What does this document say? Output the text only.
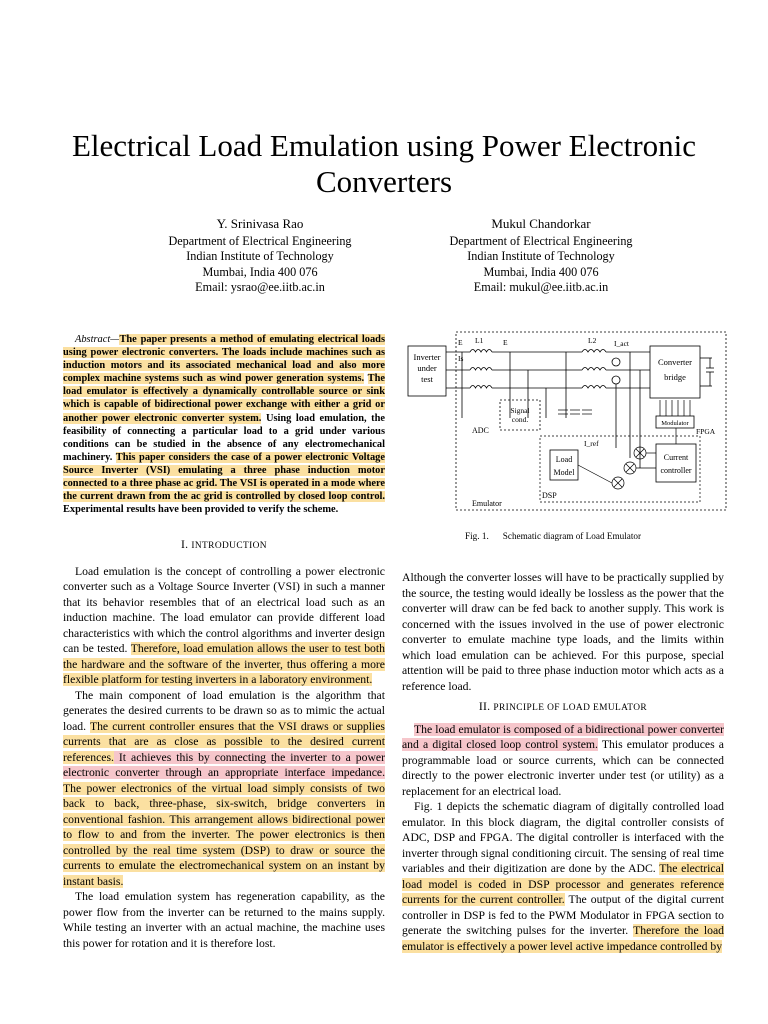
Electrical Load Emulation using Power Electronic Converters
Y. Srinivasa Rao
Department of Electrical Engineering
Indian Institute of Technology
Mumbai, India 400 076
Email: ysrao@ee.iitb.ac.in
Mukul Chandorkar
Department of Electrical Engineering
Indian Institute of Technology
Mumbai, India 400 076
Email: mukul@ee.iitb.ac.in

Abstract—The paper presents a method of emulating electrical loads using power electronic converters. The loads include machines such as induction motors and its associated mechanical load and also more complex machine systems such as wind power generation systems. The load emulator is effectively a dynamically controllable source or sink which is capable of bidirectional power exchange with either a grid or another power electronic converter system. Using load emulation, the feasibility of connecting a particular load to a grid under various conditions can be studied in the absence of any electromechanical machinery. This paper considers the case of a power electronic Voltage Source Inverter (VSI) emulating a three phase induction motor connected to a three phase ac grid. The VSI is operated in a mode where the current drawn from the ac grid is controlled by closed loop control. Experimental results have been provided to verify the scheme.

I. INTRODUCTION

Load emulation is the concept of controlling a power electronic converter such as a Voltage Source Inverter (VSI) in such a manner that its behavior resembles that of an electrical load such as an induction machine. The load emulator can provide different load characteristics with which the control algorithms and inverter design can be tested. Therefore, load emulation allows the user to test both the hardware and the software of the inverter, thus offering a more flexible platform for testing inverters in a laboratory environment.

The main component of load emulation is the algorithm that generates the desired currents to be drawn so as to mimic the actual load. The current controller ensures that the VSI draws or supplies currents that are as close as possible to the desired current references. It achieves this by connecting the inverter to a power electronic converter through an appropriate interface impedance. The power electronics of the virtual load simply consists of two back to back, three-phase, six-switch, bridge converters in conventional fashion. This arrangement allows bidirectional power to flow to and from the inverter. The power electronics is then controlled by the real time system (DSP) to draw or source the currents to emulate the electromechanical system on an instant by instant basis.

The load emulation system has regeneration capability, as the power flow from the inverter can be returned to the mains supply. While testing an inverter with an actual machine, the machine uses this power for rotation and it is therefore lost.

Inverter
under
test
E L1	E	L2 I_act
Is	Converter
bridge
Signal
cond.
ADC
Modulator
FPGA
DSP
I_ref
Load
Model
Current
controller
Emulator
Fig. 1. Schematic diagram of Load Emulator

Although the converter losses will have to be practically supplied by the source, the testing would ideally be lossless as the power that the converter will draw can be fed back to another supply. This work is concerned with the issues involved in the use of power electronic converter to emulate machine type loads, and the limits within which load emulation can be achieved. For this purpose, special attention will be paid to three phase induction motor which acts as a reference load.

II. PRINCIPLE OF LOAD EMULATOR

The load emulator is composed of a bidirectional power converter and a digital closed loop control system. This emulator produces a programmable load or source currents, which can be connected directly to the power electronic inverter under test (or utility) as a replacement for an electrical load.

Fig. 1 depicts the schematic diagram of digitally controlled load emulator. In this block diagram, the digital controller consists of ADC, DSP and FPGA. The digital controller is interfaced with the inverter through signal conditioning circuit. The sensing of real time variables and their digitization are done by the ADC. The electrical load model is coded in DSP processor and generates reference currents for the current controller. The output of the digital current controller in DSP is fed to the PWM Modulator in FPGA section to generate the switching pulses for the inverter. Therefore the load emulator is effectively a power level active impedance controlled by
